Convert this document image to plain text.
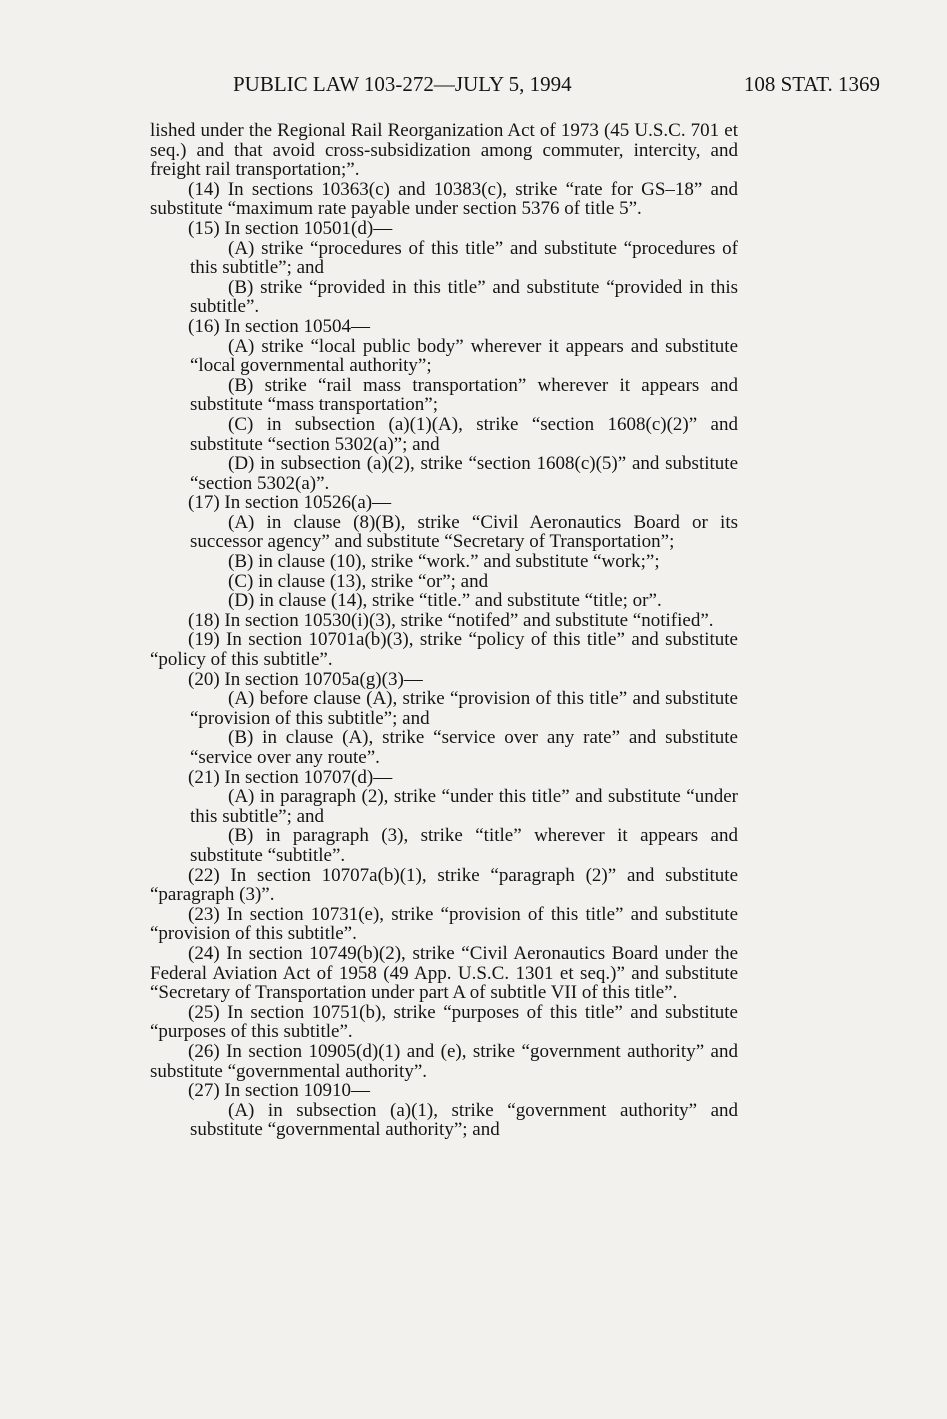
PUBLIC LAW 103-272—JULY 5, 1994	108 STAT. 1369

lished under the Regional Rail Reorganization Act of 1973 (45 U.S.C. 701 et seq.) and that avoid cross-subsidization among commuter, intercity, and freight rail transportation;”.

(14) In sections 10363(c) and 10383(c), strike “rate for GS–18” and substitute “maximum rate payable under section 5376 of title 5”.

(15) In section 10501(d)—

(A) strike “procedures of this title” and substitute “procedures of this subtitle”; and

(B) strike “provided in this title” and substitute “provided in this subtitle”.

(16) In section 10504—

(A) strike “local public body” wherever it appears and substitute “local governmental authority”;

(B) strike “rail mass transportation” wherever it appears and substitute “mass transportation”;

(C) in subsection (a)(1)(A), strike “section 1608(c)(2)” and substitute “section 5302(a)”; and

(D) in subsection (a)(2), strike “section 1608(c)(5)” and substitute “section 5302(a)”.

(17) In section 10526(a)—

(A) in clause (8)(B), strike “Civil Aeronautics Board or its successor agency” and substitute “Secretary of Transportation”;

(B) in clause (10), strike “work.” and substitute “work;”;

(C) in clause (13), strike “or”; and

(D) in clause (14), strike “title.” and substitute “title; or”.

(18) In section 10530(i)(3), strike “notifed” and substitute “notified”.

(19) In section 10701a(b)(3), strike “policy of this title” and substitute “policy of this subtitle”.

(20) In section 10705a(g)(3)—

(A) before clause (A), strike “provision of this title” and substitute “provision of this subtitle”; and

(B) in clause (A), strike “service over any rate” and substitute “service over any route”.

(21) In section 10707(d)—

(A) in paragraph (2), strike “under this title” and substitute “under this subtitle”; and

(B) in paragraph (3), strike “title” wherever it appears and substitute “subtitle”.

(22) In section 10707a(b)(1), strike “paragraph (2)” and substitute “paragraph (3)”.

(23) In section 10731(e), strike “provision of this title” and substitute “provision of this subtitle”.

(24) In section 10749(b)(2), strike “Civil Aeronautics Board under the Federal Aviation Act of 1958 (49 App. U.S.C. 1301 et seq.)” and substitute “Secretary of Transportation under part A of subtitle VII of this title”.

(25) In section 10751(b), strike “purposes of this title” and substitute “purposes of this subtitle”.

(26) In section 10905(d)(1) and (e), strike “government authority” and substitute “governmental authority”.

(27) In section 10910—

(A) in subsection (a)(1), strike “government authority” and substitute “governmental authority”; and
